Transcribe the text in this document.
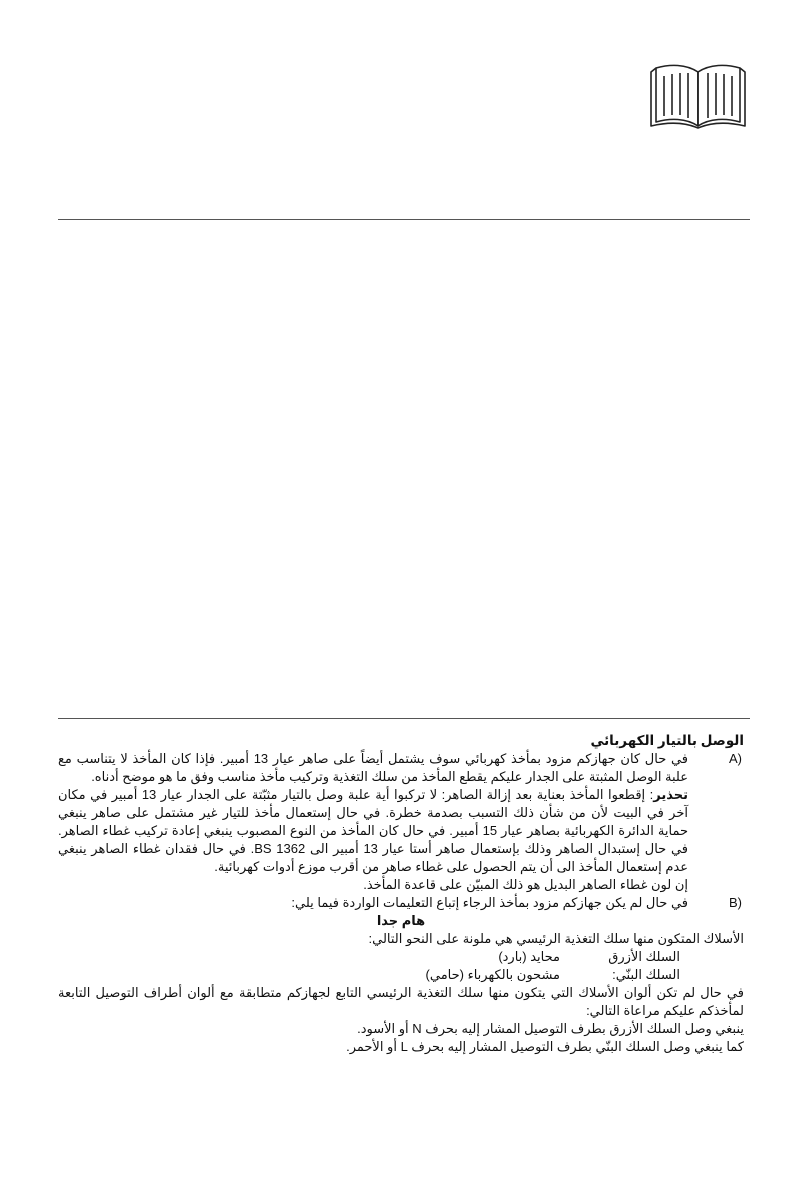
الوصل بالتيار الكهربائي

A)

في حال كان جهازكم مزود بمأخذ كهربائي سوف يشتمل أيضاً على صاهر عيار 13 أمبير. فإذا كان المأخذ لا يتناسب مع علبة الوصل المثبتة على الجدار عليكم يقطع المأخذ من سلك التغذية وتركيب مأخذ مناسب وفق ما هو موضح أدناه.

تحذير: إقطعوا المأخذ بعناية بعد إزالة الصاهر: لا تركبوا أية علبة وصل بالتيار مثبّتة على الجدار عيار 13 أمبير في مكان آخر في البيت لأن من شأن ذلك التسبب بصدمة خطرة. في حال إستعمال مأخذ للتيار غير مشتمل على صاهر ينبغي حماية الدائرة الكهربائية بصاهر عيار 15 أمبير. في حال كان المأخذ من النوع المصبوب ينبغي إعادة تركيب غطاء الصاهر. في حال إستبدال الصاهر وذلك بإستعمال صاهر أستا عيار 13 أمبير الى BS 1362. في حال فقدان غطاء الصاهر ينبغي عدم إستعمال المأخذ الى أن يتم الحصول على غطاء صاهر من أقرب موزع أدوات كهربائية.

إن لون غطاء الصاهر البديل هو ذلك المبيّن على قاعدة المأخذ.

B)

في حال لم يكن جهازكم مزود بمأخذ الرجاء إتباع التعليمات الواردة فيما يلي:

هام جدا

الأسلاك المتكون منها سلك التغذية الرئيسي هي ملونة على النحو التالي:

السلك الأزرق
محايد (بارد)
السلك البنّي:
مشحون بالكهرباء (حامي)

في حال لم تكن ألوان الأسلاك التي يتكون منها سلك التغذية الرئيسي التابع لجهازكم متطابقة مع ألوان أطراف التوصيل التابعة لمأخذكم عليكم مراعاة التالي:

ينبغي وصل السلك الأزرق بطرف التوصيل المشار إليه بحرف N أو الأسود.

كما ينبغي وصل السلك البنّي بطرف التوصيل المشار إليه بحرف L أو الأحمر.
